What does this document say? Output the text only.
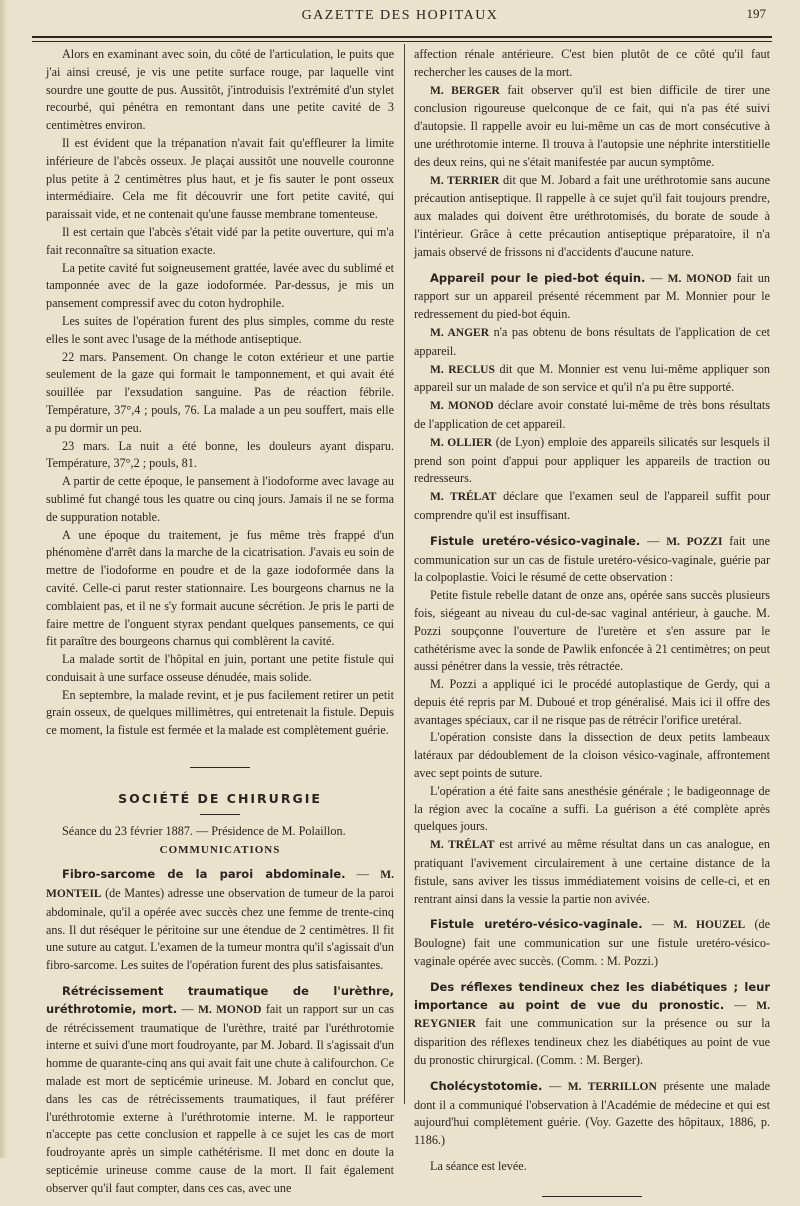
GAZETTE DES HOPITAUX	197

Alors en examinant avec soin, du côté de l'articulation, le puits que j'ai ainsi creusé, je vis une petite surface rouge, par laquelle vint sourdre une goutte de pus. Aussitôt, j'introduisis l'extrémité d'un stylet recourbé, qui pénétra en remontant dans une petite cavité de 3 centimètres environ.

Il est évident que la trépanation n'avait fait qu'effleurer la limite inférieure de l'abcès osseux. Je plaçai aussitôt une nouvelle couronne plus petite à 2 centimètres plus haut, et je fis sauter le pont osseux intermédiaire. Cela me fit découvrir une fort petite cavité, qui paraissait vide, et ne contenait qu'une fausse membrane tomenteuse.

Il est certain que l'abcès s'était vidé par la petite ouverture, qui m'a fait reconnaître sa situation exacte.

La petite cavité fut soigneusement grattée, lavée avec du sublimé et tamponnée avec de la gaze iodoformée. Par-dessus, je mis un pansement compressif avec du coton hydrophile.

Les suites de l'opération furent des plus simples, comme du reste elles le sont avec l'usage de la méthode antiseptique.

22 mars. Pansement. On change le coton extérieur et une partie seulement de la gaze qui formait le tamponnement, et qui avait été souillée par l'exsudation sanguine. Pas de réaction fébrile. Température, 37°,4 ; pouls, 76. La malade a un peu souffert, mais elle a pu dormir un peu.

23 mars. La nuit a été bonne, les douleurs ayant disparu. Température, 37°,2 ; pouls, 81.

A partir de cette époque, le pansement à l'iodoforme avec lavage au sublimé fut changé tous les quatre ou cinq jours. Jamais il ne se forma de suppuration notable.

A une époque du traitement, je fus même très frappé d'un phénomène d'arrêt dans la marche de la cicatrisation. J'avais eu soin de mettre de l'iodoforme en poudre et de la gaze iodoformée dans la cavité. Celle-ci parut rester stationnaire. Les bourgeons charnus ne la comblaient pas, et il ne s'y formait aucune sécrétion. Je pris le parti de faire mettre de l'onguent styrax pendant quelques pansements, ce qui fit paraître des bourgeons charnus qui comblèrent la cavité.

La malade sortit de l'hôpital en juin, portant une petite fistule qui conduisait à une surface osseuse dénudée, mais solide.

En septembre, la malade revint, et je pus facilement retirer un petit grain osseux, de quelques millimètres, qui entretenait la fistule. Depuis ce moment, la fistule est fermée et la malade est complètement guérie.

SOCIÉTÉ DE CHIRURGIE

Séance du 23 février 1887. — Présidence de M. Polaillon.

COMMUNICATIONS

Fibro-sarcome de la paroi abdominale. — M. MONTEIL (de Mantes) adresse une observation de tumeur de la paroi abdominale, qu'il a opérée avec succès chez une femme de trente-cinq ans. Il dut réséquer le péritoine sur une étendue de 2 centimètres. Il fit une suture au catgut. L'examen de la tumeur montra qu'il s'agissait d'un fibro-sarcome. Les suites de l'opération furent des plus satisfaisantes.

Rétrécissement traumatique de l'urèthre, uréthrotomie, mort. — M. MONOD fait un rapport sur un cas de rétrécissement traumatique de l'urèthre, traité par l'uréthrotomie interne et suivi d'une mort foudroyante, par M. Jobard. Il s'agissait d'un homme de quarante-cinq ans qui avait fait une chute à califourchon. Ce malade est mort de septicémie urineuse. M. Jobard en conclut que, dans les cas de rétrécissements traumatiques, il faut préférer l'uréthrotomie externe à l'uréthrotomie interne. M. le rapporteur n'accepte pas cette conclusion et rappelle à ce sujet les cas de mort foudroyante après un simple cathétérisme. Il met donc en doute la septicémie urineuse comme cause de la mort. Il fait également observer qu'il faut compter, dans ces cas, avec une

affection rénale antérieure. C'est bien plutôt de ce côté qu'il faut rechercher les causes de la mort.

M. BERGER fait observer qu'il est bien difficile de tirer une conclusion rigoureuse quelconque de ce fait, qui n'a pas été suivi d'autopsie. Il rappelle avoir eu lui-même un cas de mort consécutive à une uréthrotomie interne. Il trouva à l'autopsie une néphrite interstitielle des deux reins, qui ne s'était manifestée par aucun symptôme.

M. TERRIER dit que M. Jobard a fait une uréthrotomie sans aucune précaution antiseptique. Il rappelle à ce sujet qu'il fait toujours prendre, aux malades qui doivent être uréthrotomisés, du borate de soude à l'intérieur. Grâce à cette précaution antiseptique préparatoire, il n'a jamais observé de frissons ni d'accidents d'aucune nature.

Appareil pour le pied-bot équin. — M. MONOD fait un rapport sur un appareil présenté récemment par M. Monnier pour le redressement du pied-bot équin.

M. ANGER n'a pas obtenu de bons résultats de l'application de cet appareil.

M. RECLUS dit que M. Monnier est venu lui-même appliquer son appareil sur un malade de son service et qu'il n'a pu être supporté.

M. MONOD déclare avoir constaté lui-même de très bons résultats de l'application de cet appareil.

M. OLLIER (de Lyon) emploie des appareils silicatés sur lesquels il prend son point d'appui pour appliquer les appareils de traction ou redresseurs.

M. TRÉLAT déclare que l'examen seul de l'appareil suffit pour comprendre qu'il est insuffisant.

Fistule uretéro-vésico-vaginale. — M. POZZI fait une communication sur un cas de fistule uretéro-vésico-vaginale, guérie par la colpoplastie. Voici le résumé de cette observation :

Petite fistule rebelle datant de onze ans, opérée sans succès plusieurs fois, siégeant au niveau du cul-de-sac vaginal antérieur, à gauche. M. Pozzi soupçonne l'ouverture de l'uretère et s'en assure par le cathétérisme avec la sonde de Pawlik enfoncée à 21 centimètres; on peut aussi pénétrer dans la vessie, très rétractée.

M. Pozzi a appliqué ici le procédé autoplastique de Gerdy, qui a depuis été repris par M. Duboué et trop généralisé. Mais ici il offre des avantages spéciaux, car il ne risque pas de rétrécir l'orifice uretéral.

L'opération consiste dans la dissection de deux petits lambeaux latéraux par dédoublement de la cloison vésico-vaginale, affrontement avec sept points de suture.

L'opération a été faite sans anesthésie générale ; le badigeonnage de la région avec la cocaïne a suffi. La guérison a été complète après quelques jours.

M. TRÉLAT est arrivé au même résultat dans un cas analogue, en pratiquant l'avivement circulairement à une certaine distance de la fistule, sans aviver les tissus immédiatement voisins de celle-ci, et en rentrant ainsi dans la vessie la partie non avivée.

Fistule uretéro-vésico-vaginale. — M. HOUZEL (de Boulogne) fait une communication sur une fistule uretéro-vésico-vaginale opérée avec succès. (Comm. : M. Pozzi.)

Des réflexes tendineux chez les diabétiques ; leur importance au point de vue du pronostic. — M. REYGNIER fait une communication sur la présence ou sur la disparition des réflexes tendineux chez les diabétiques au point de vue du pronostic chirurgical. (Comm. : M. Berger).

Cholécystotomie. — M. TERRILLON présente une malade dont il a communiqué l'observation à l'Académie de médecine et qui est aujourd'hui complètement guérie. (Voy. Gazette des hôpitaux, 1886, p. 1186.)

La séance est levée.
